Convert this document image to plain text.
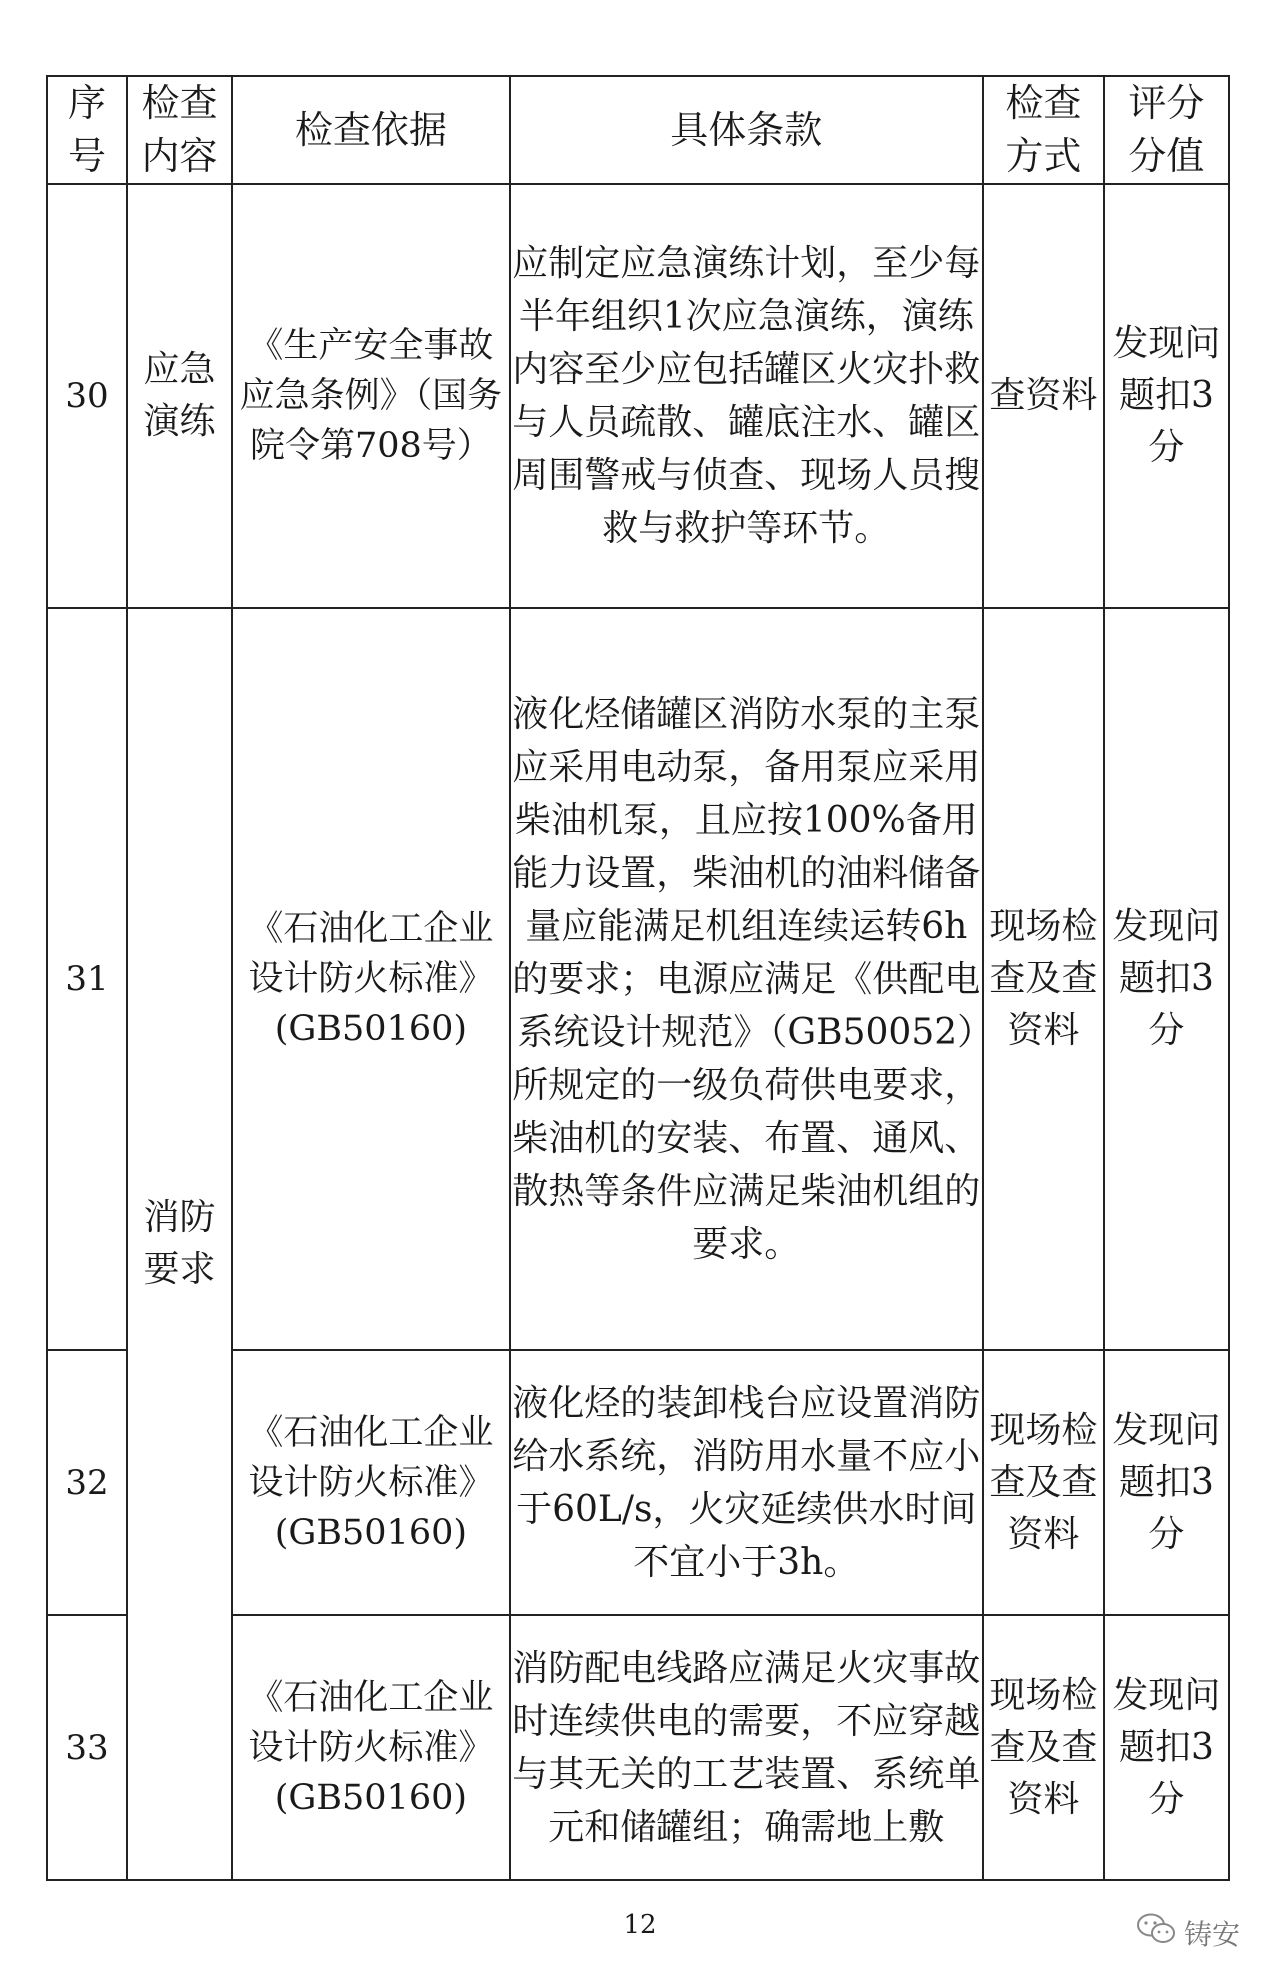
序号	检查内容	检查依据	具体条款	检查方式	评分分值
30	应急演练	《生产安全事故应急条例》（国务院令第708号）	应制定应急演练计划，至少每半年组织1次应急演练，演练内容至少应包括罐区火灾扑救与人员疏散、罐底注水、罐区周围警戒与侦查、现场人员搜救与救护等环节。	查资料	发现问题扣3分
31	消防要求	《石油化工企业设计防火标准》(GB50160)	液化烃储罐区消防水泵的主泵应采用电动泵，备用泵应采用柴油机泵，且应按100%备用能力设置，柴油机的油料储备量应能满足机组连续运转6h的要求；电源应满足《供配电系统设计规范》（GB50052）所规定的一级负荷供电要求，柴油机的安装、布置、通风、散热等条件应满足柴油机组的要求。	现场检查及查资料	发现问题扣3分
32		《石油化工企业设计防火标准》(GB50160)	液化烃的装卸栈台应设置消防给水系统，消防用水量不应小于60L/s，火灾延续供水时间不宜小于3h。	现场检查及查资料	发现问题扣3分
33		《石油化工企业设计防火标准》(GB50160)	消防配电线路应满足火灾事故时连续供电的需要，不应穿越与其无关的工艺装置、系统单元和储罐组；确需地上敷	现场检查及查资料	发现问题扣3分
12	铸安
